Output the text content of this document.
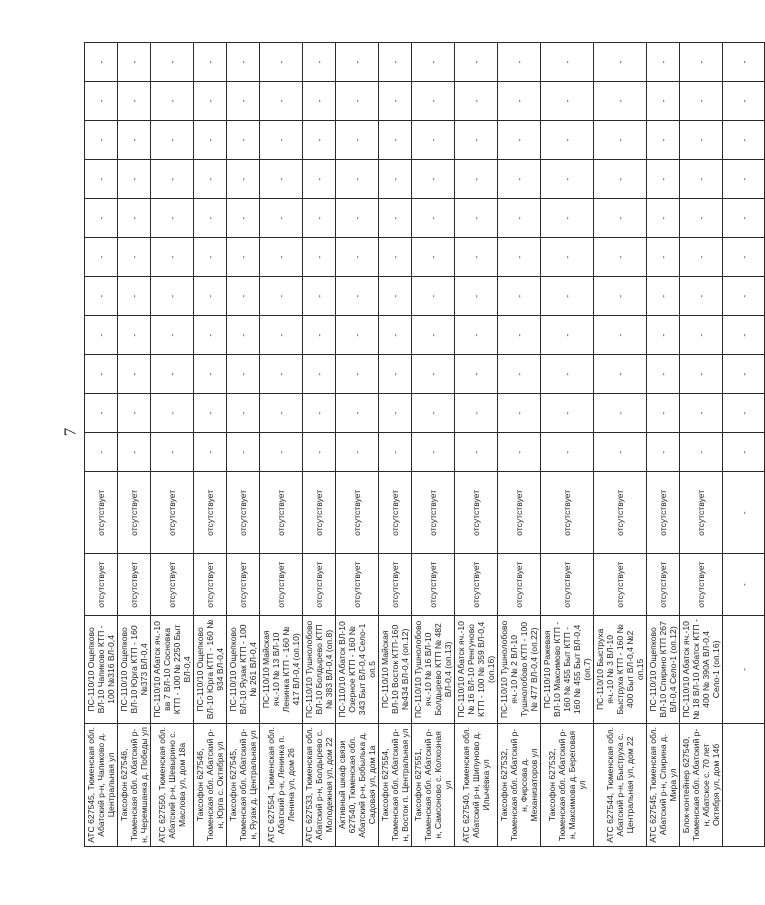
7
АТС 627545, Тюменская обл. Абатский р-н, Чапиково д. Центральная ул	ПС-110/10 Ощепково ВЛ-10 Чапиково КТП - 100 №316 ВЛ-0,4	отсутствует	отсутствует	-	-	-	-	-	-	-	-	-	-	-
Таксофон 627546, Тюменская обл. Абатский р-н, Черемшанка д. Победы ул	ПС-110/10 Ощепково ВЛ-10 Юрга КТП - 160 №373 ВЛ-0,4	отсутствует	отсутствует	-	-	-	-	-	-	-	-	-	-	-
АТС 627550, Тюменская обл. Абатский р-н, Шевырино с. Маслова ул, дом 18а	ПС-110/10 Абатск яч.-10 вв 7 ВЛ-10 Сосновка КТП - 100 № 2250 Быт ВЛ-0,4	отсутствует	отсутствует	-	-	-	-	-	-	-	-	-	-	-
Таксофон 627546, Тюменская обл. Абатский р-н, Юрга с. Октября ул	ПС-110/10 Ощепково ВЛ-10 Юрга КТП - 160 № 934 ВЛ-0,4	отсутствует	отсутствует	-	-	-	-	-	-	-	-	-	-	-
Таксофон 627545, Тюменская обл. Абатский р-н, Яузак д. Центральная ул	ПС-110/10 Ощепково ВЛ-10 Яузак КТП - 100 № 261 ВЛ-0,4	отсутствует	отсутствует	-	-	-	-	-	-	-	-	-	-	-
АТС 627554, Тюменская обл. Абатский р-н, Ленинка п. Ленина ул, дом 26	ПС-110/10 Майская яч.-10 № 13 ВЛ-10 Ленинка КТП - 160 № 417 ВЛ-0,4 (оп.10)	отсутствует	отсутствует	-	-	-	-	-	-	-	-	-	-	-
АТС 627533, Тюменская обл. Абатский р-н, Болдырево с. Молодежная ул, дом 22	ПС-110/10 Тушнолобово ВЛ-10 Болдырево КТП № 383 ВЛ-0,4 (оп.8)	отсутствует	отсутствует	-	-	-	-	-	-	-	-	-	-	-
Активный шкаф связи 627540, Тюменская обл. Абатский р-н, Бобылька д. Садовая ул, дом 1а	ПС-110/10 Абатск ВЛ-10 Озерное КТП - 160 № 343 Быт ВЛ-0,4 Село-1 оп.5	отсутствует	отсутствует	-	-	-	-	-	-	-	-	-	-	-
Таксофон 627554, Тюменская обл. Абатский р-н, Восток п. Центральная ул	ПС-110/10 Майская ВЛ-10 Восток КТП-160 №434 ВЛ-0,4 (оп.12)	отсутствует	отсутствует	-	-	-	-	-	-	-	-	-	-	-
Таксофон 627551, Тюменская обл. Абатский р-н, Самсоново с. Колхозная ул	ПС-110/10 Тушнолобово яч.-10 № 16 ВЛ-10 Болдырево КТП № 482 ВЛ-0,4 (оп.13)	отсутствует	отсутствует	-	-	-	-	-	-	-	-	-	-	-
АТС 627540, Тюменская обл. Абатский р-н, Шипуново д. Илычёвка ул	ПС-110/10 Абатск яч.-10 № 16 ВЛ-10 Ренгуново КТП - 100 № 359 ВЛ-0,4 (оп.16)	отсутствует	отсутствует	-	-	-	-	-	-	-	-	-	-	-
Таксофон 627532, Тюменская обл. Абатский р-н, Фирсова д. Механизаторов ул	ПС-110/10 Тушнолобово яч.-10 № 2 ВЛ-10 Тушнолобово КТП - 100 № 477 ВЛ-0,4 (оп.22)	отсутствует	отсутствует	-	-	-	-	-	-	-	-	-	-	-
Таксофон 627532, Тюменская обл. Абатский р-н, Максимова д. Береговая ул	ПС-110/10 Ражевая ВЛ-10 Максимово КТП - 160 № 455 Быт КТП - 160 № 455 Быт ВЛ-0,4 (оп.7)	отсутствует	отсутствует	-	-	-	-	-	-	-	-	-	-	-
АТС 627544, Тюменская обл. Абатский р-н, Быструха с. Центральная ул, дом 22	ПС-110/10 Быструха яч.-10 № 3 ВЛ-10 Быструха КТП - 160 № 400 Быт ВЛ-0,4 №2 оп.15	отсутствует	отсутствует	-	-	-	-	-	-	-	-	-	-	-
АТС 627545, Тюменская обл. Абатский р-н, Спирина д. Мира ул	ПС-110/10 Ощепково ВЛ-10 Спирино КТП 267 ВЛ-0,4 Село-1 (оп.12)	отсутствует	отсутствует	-	-	-	-	-	-	-	-	-	-	-
Блок-контейнер 627540, Тюменская обл. Абатский р-н, Абатское с. 70 лет Октября ул, дом 14б	ПС-110/10 Абатск яч.-10 № 18 ВЛ-10 Абатск КТП - 400 № 390А ВЛ-0,4 Село-1 (оп.16)	отсутствует	отсутствует	-	-	-	-	-	-	-	-	-	-	-
	-	-	-	-	-	-	-	-	-	-	-	-	-	-
